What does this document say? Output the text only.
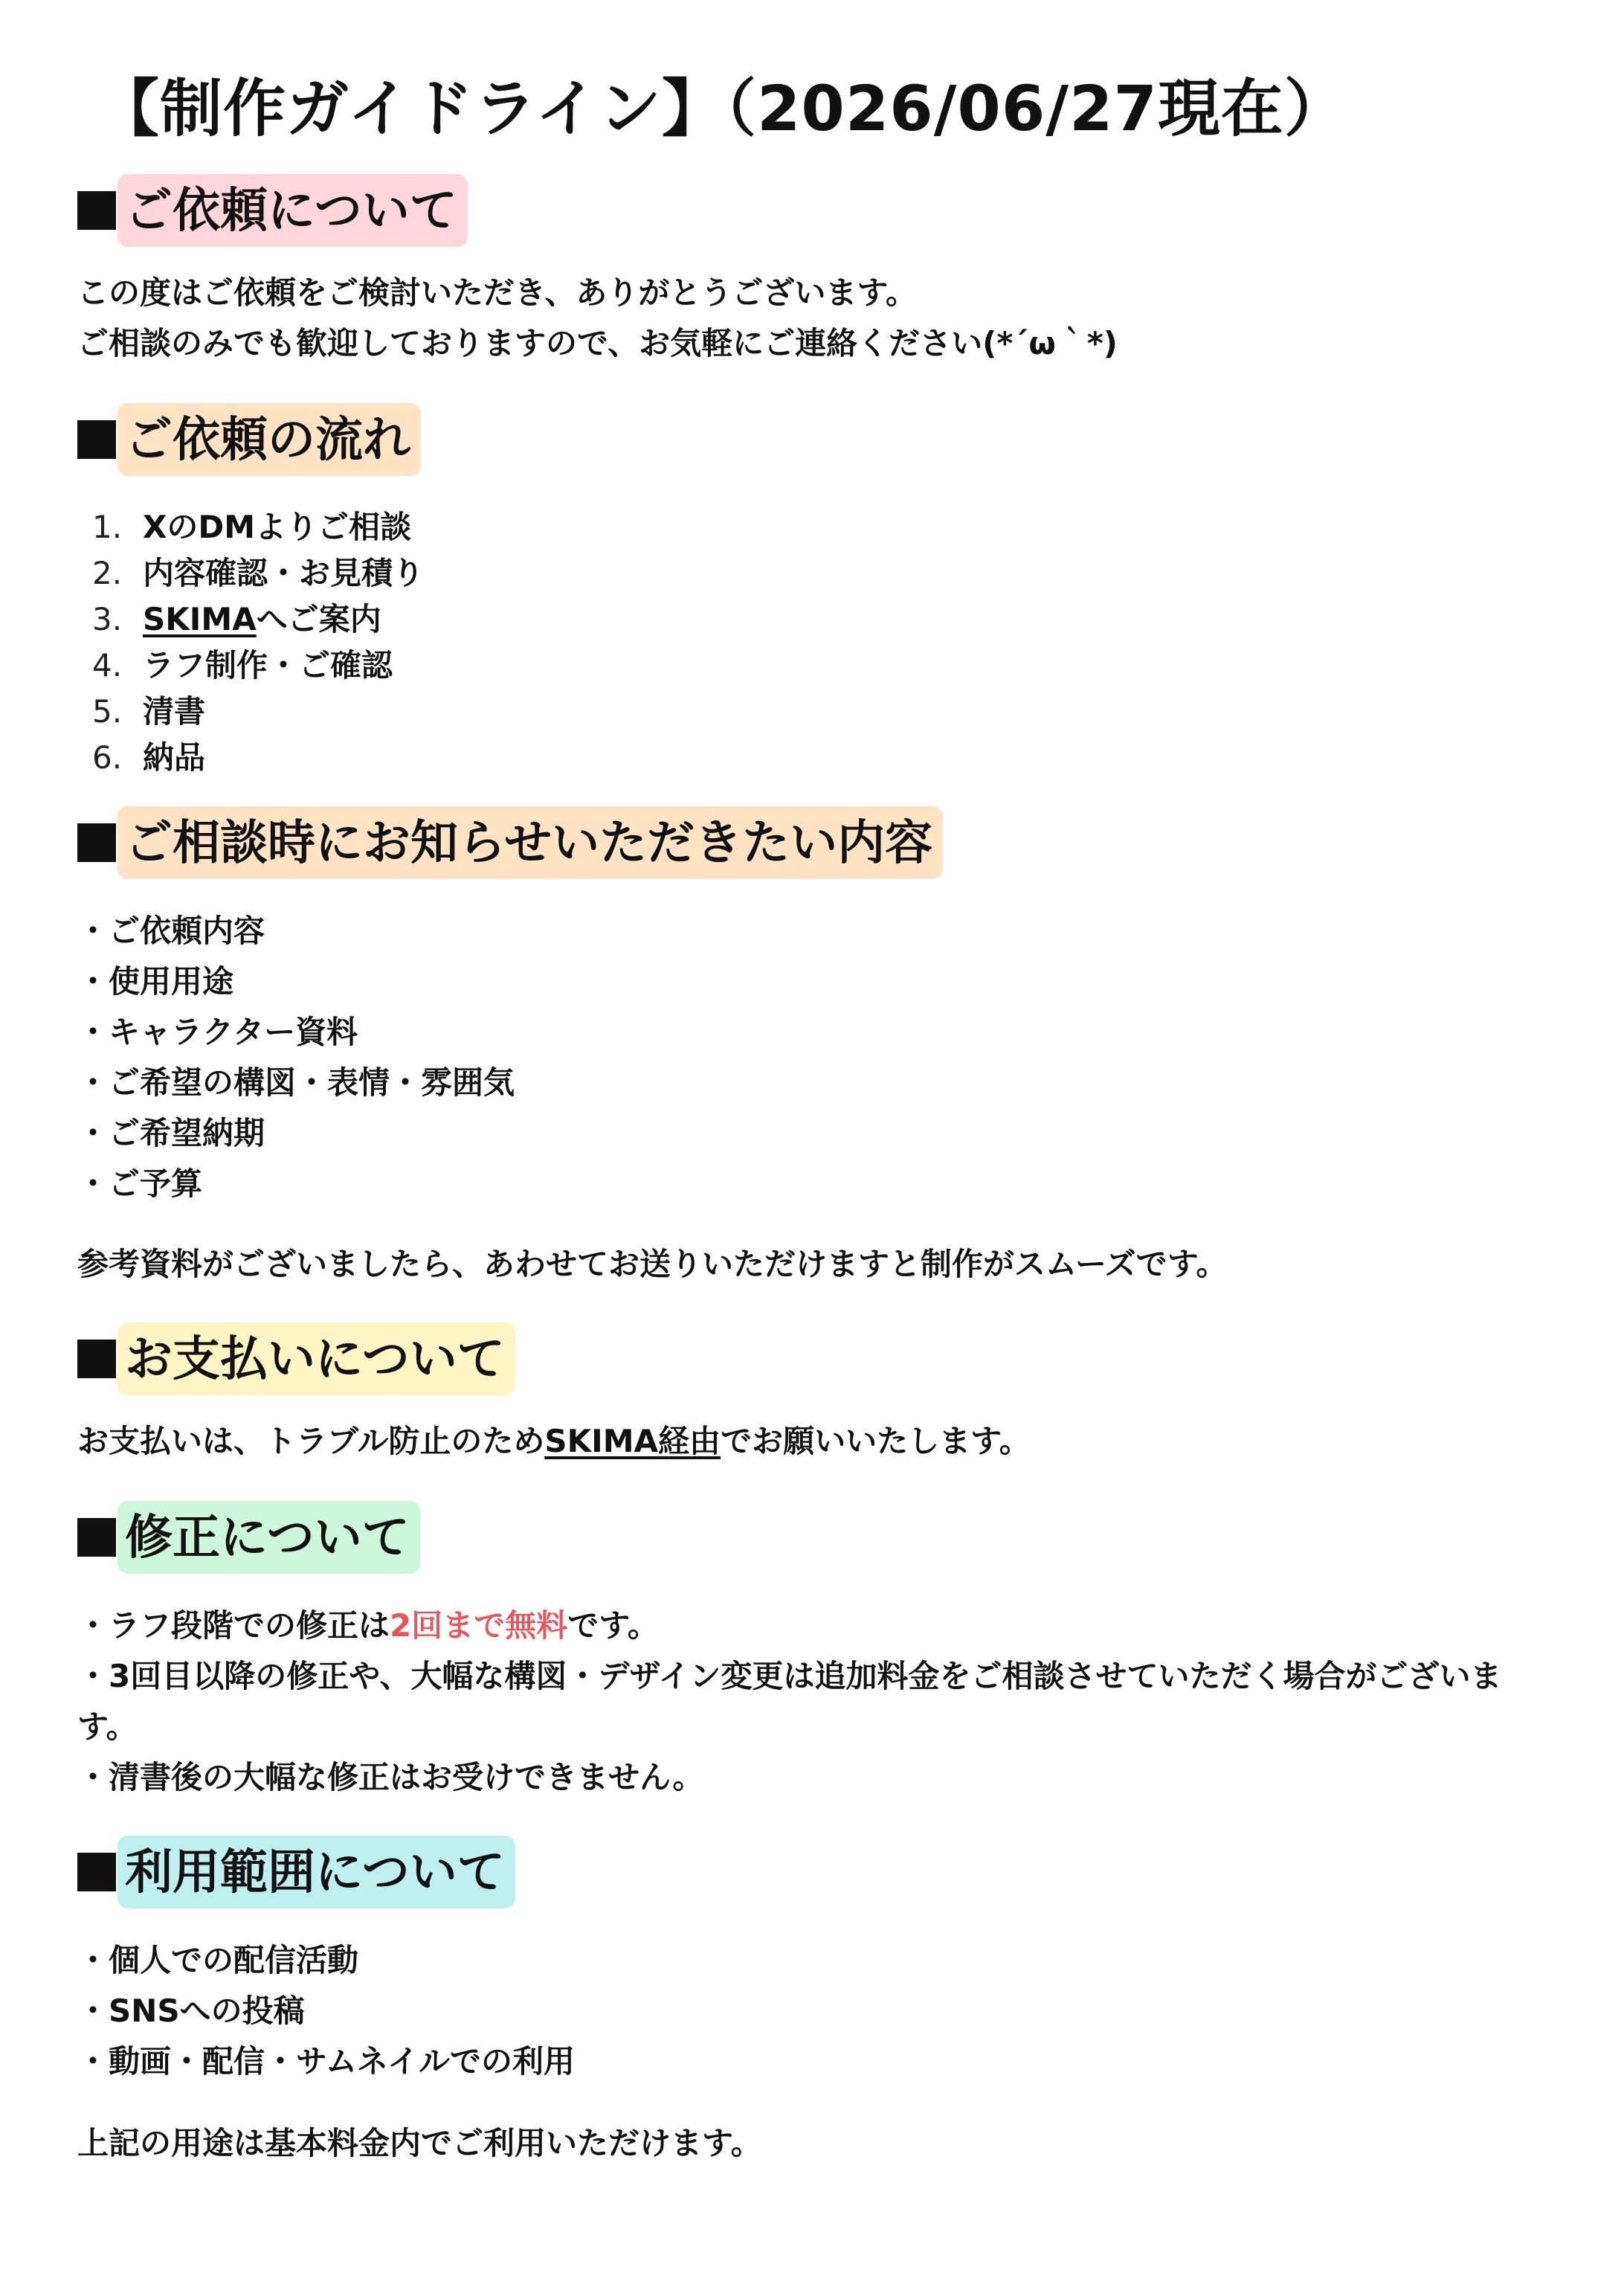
【制作ガイドライン】（2026/06/27現在）
ご依頼について
この度はご依頼をご検討いただき、ありがとうございます。
ご相談のみでも歓迎しておりますので、お気軽にご連絡ください(*´ω｀*)
ご依頼の流れ
1. XのDMよりご相談
2. 内容確認・お見積り
3. SKIMA へご案内
4. ラフ制作・ご確認
5. 清書
6. 納品
ご相談時にお知らせいただきたい内容
・ご依頼内容
・使用用途
・キャラクター資料
・ご希望の構図・表情・雰囲気
・ご希望納期
・ご予算
参考資料がございましたら、あわせてお送りいただけますと制作がスムーズです。
お支払いについて
お支払いは、トラブル防止のためSKIMA経由でお願いいたします。
修正について
・ラフ段階での修正は2回まで無料です。
・3回目以降の修正や、大幅な構図・デザイン変更は追加料金をご相談させていただく場合がございます。
・清書後の大幅な修正はお受けできません。
利用範囲について
・個人での配信活動
・SNSへの投稿
・動画・配信・サムネイルでの利用
上記の用途は基本料金内でご利用いただけます。
